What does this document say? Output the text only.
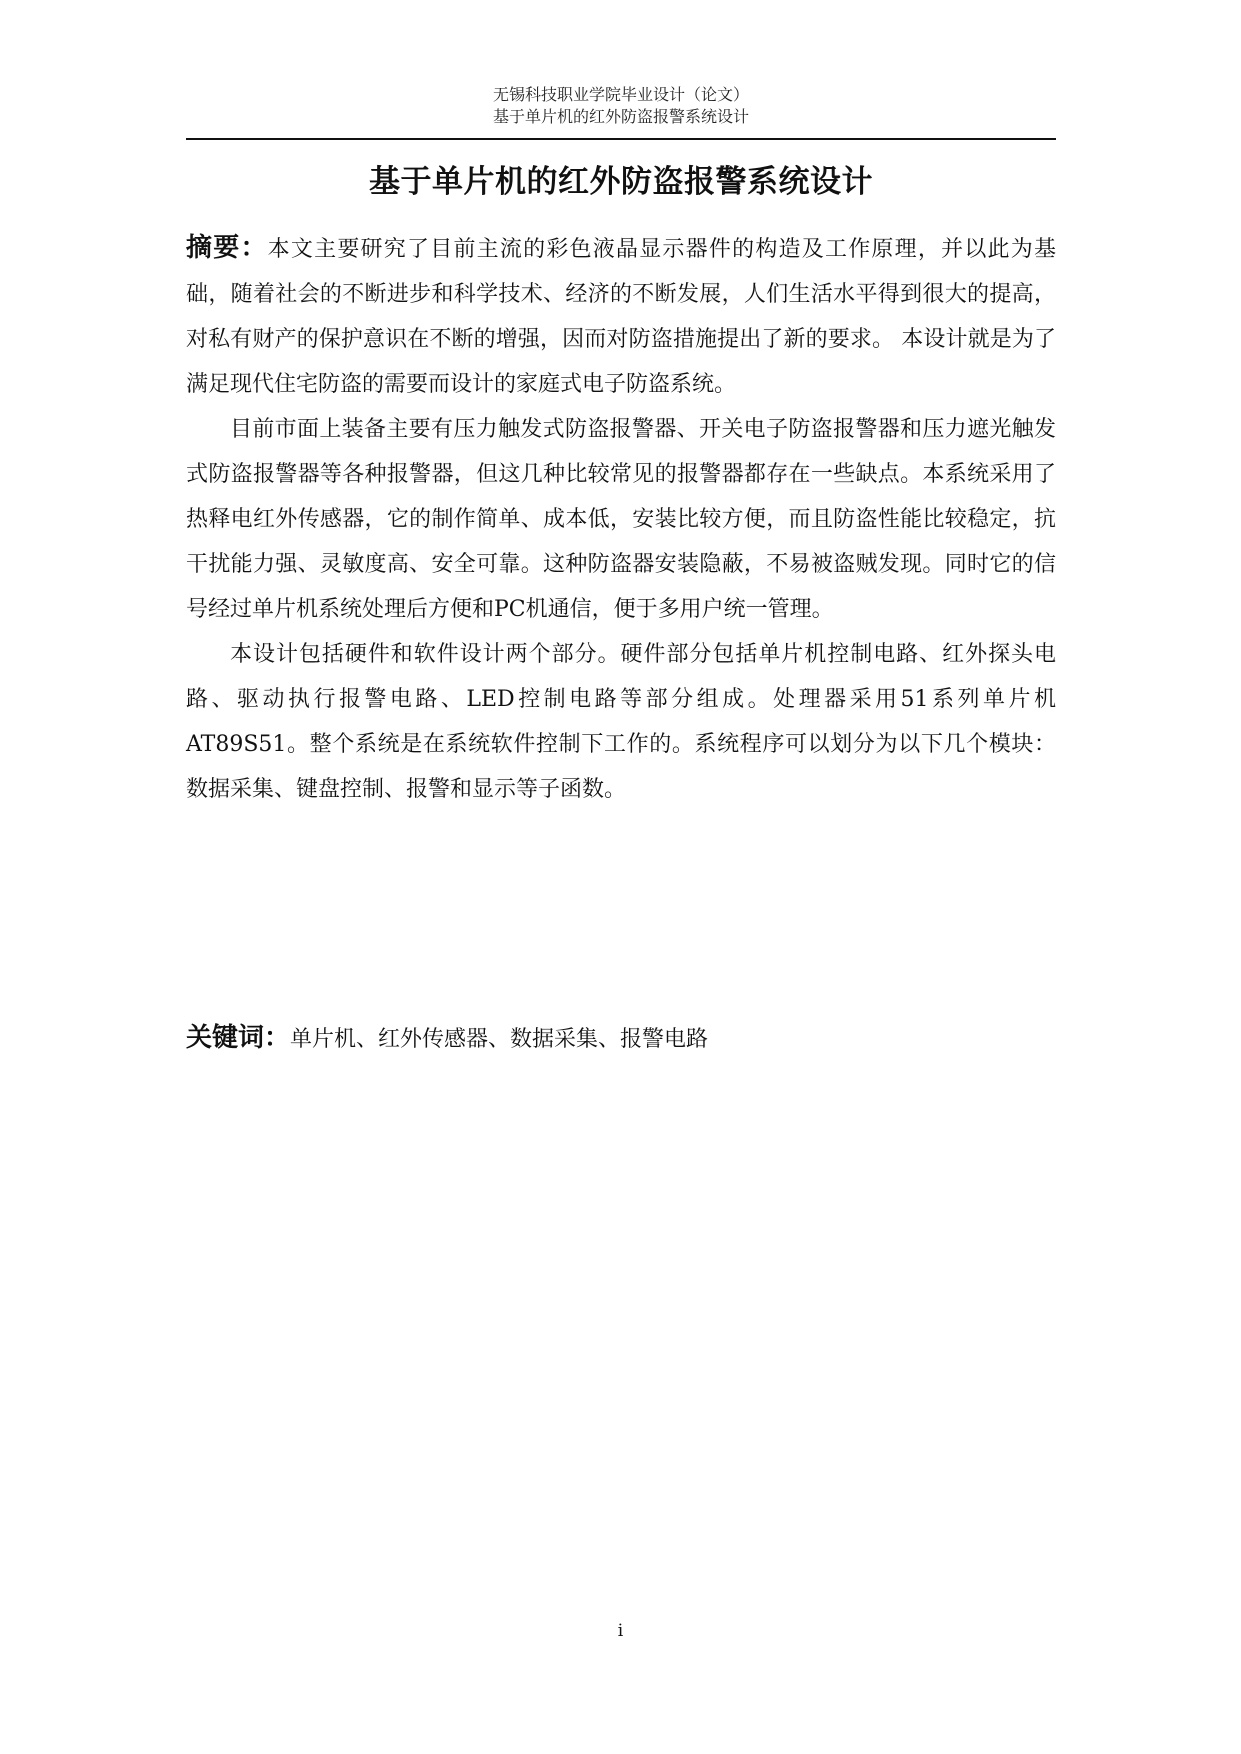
无锡科技职业学院毕业设计（论文）
基于单片机的红外防盗报警系统设计
基于单片机的红外防盗报警系统设计

摘要：本文主要研究了目前主流的彩色液晶显示器件的构造及工作原理，并以此为基础，随着社会的不断进步和科学技术、经济的不断发展，人们生活水平得到很大的提高，对私有财产的保护意识在不断的增强，因而对防盗措施提出了新的要求。 本设计就是为了满足现代住宅防盗的需要而设计的家庭式电子防盗系统。

目前市面上装备主要有压力触发式防盗报警器、开关电子防盗报警器和压力遮光触发式防盗报警器等各种报警器，但这几种比较常见的报警器都存在一些缺点。本系统采用了热释电红外传感器，它的制作简单、成本低，安装比较方便，而且防盗性能比较稳定，抗干扰能力强、灵敏度高、安全可靠。这种防盗器安装隐蔽，不易被盗贼发现。同时它的信号经过单片机系统处理后方便和PC机通信，便于多用户统一管理。

本设计包括硬件和软件设计两个部分。硬件部分包括单片机控制电路、红外探头电路、驱动执行报警电路、LED控制电路等部分组成。处理器采用51系列单片机AT89S51。整个系统是在系统软件控制下工作的。系统程序可以划分为以下几个模块： 数据采集、键盘控制、报警和显示等子函数。

关键词：单片机、红外传感器、数据采集、报警电路
i
